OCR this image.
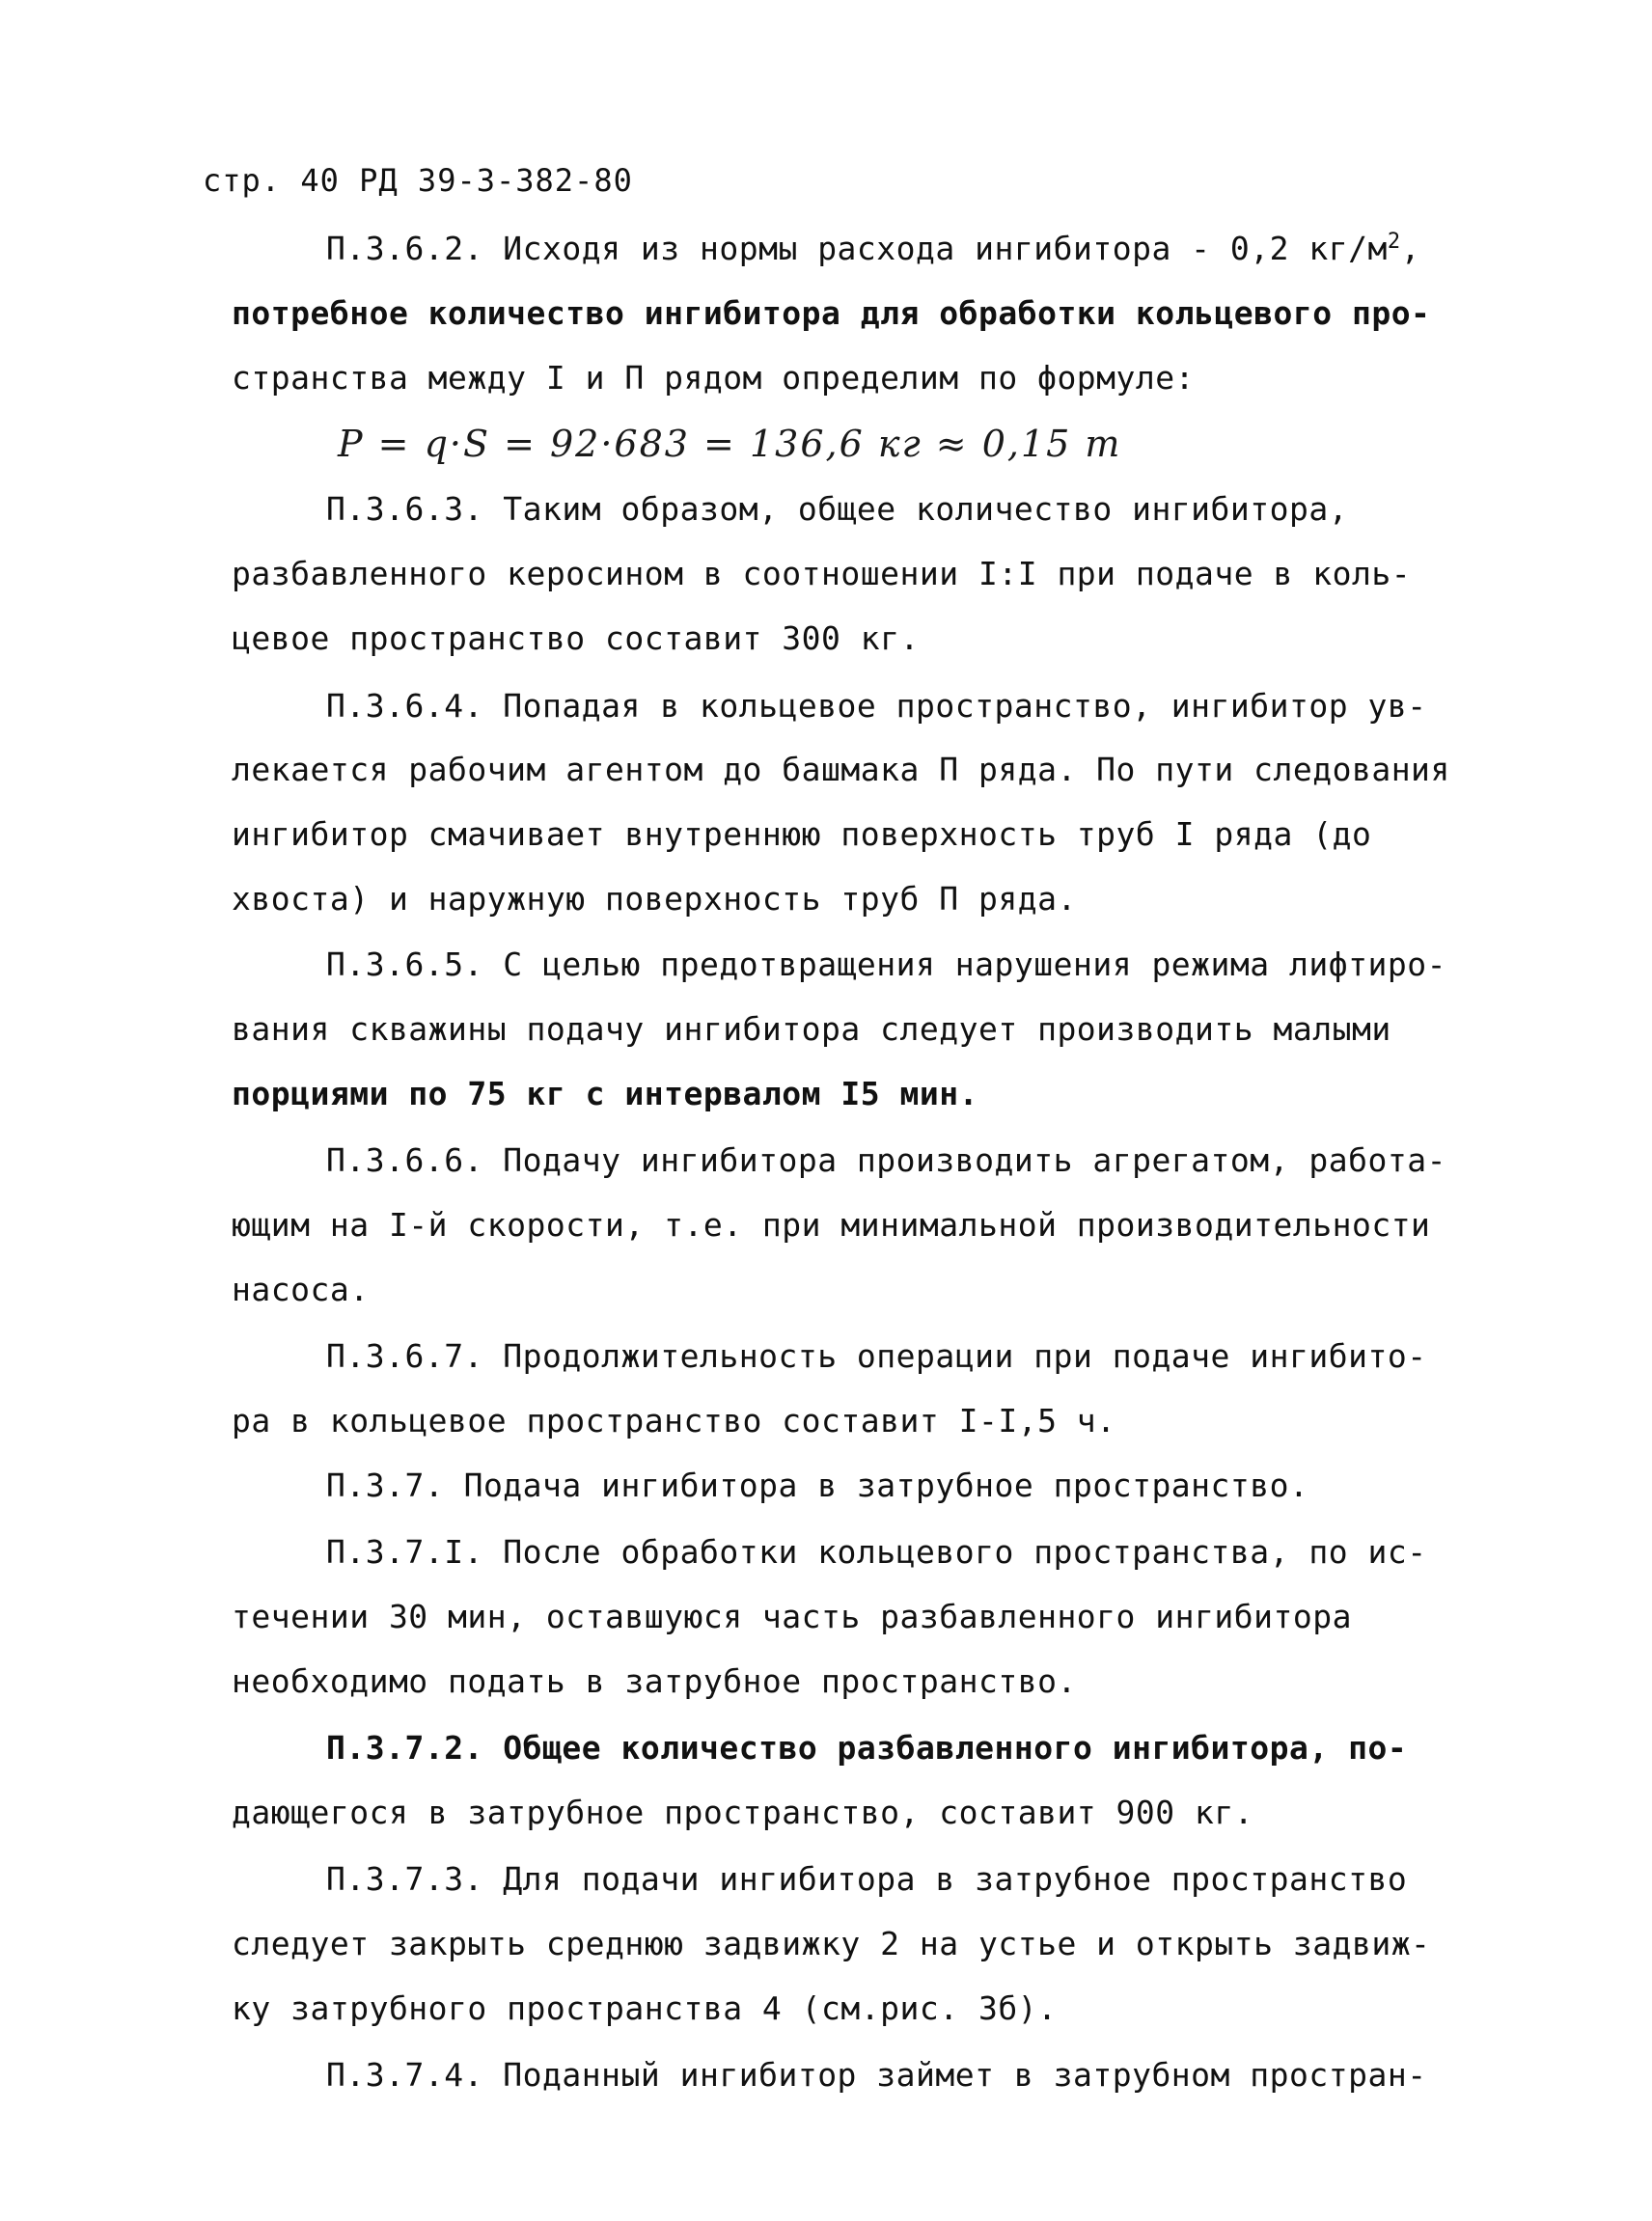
стр. 40 РД 39-3-382-80
П.3.6.2. Исходя из нормы расхода ингибитора - 0,2 $кг/м^2$,
потребное количество ингибитора для обработки кольцевого про-
странства между I и П рядом определим по формуле:
P = q·S = 92·683 = 136,6 кг ≈ 0,15 т
П.3.6.3. Таким образом, общее количество ингибитора,
разбавленного керосином в соотношении I:I при подаче в коль-
цевое пространство составит 300 кг.
П.3.6.4. Попадая в кольцевое пространство, ингибитор ув-
лекается рабочим агентом до башмака П ряда. По пути следования
ингибитор смачивает внутреннюю поверхность труб I ряда (до
хвоста) и наружную поверхность труб П ряда.
П.3.6.5. С целью предотвращения нарушения режима лифтиро-
вания скважины подачу ингибитора следует производить малыми
порциями по 75 кг с интервалом I5 мин.
П.3.6.6. Подачу ингибитора производить агрегатом, работа-
ющим на I-й скорости, т.е. при минимальной производительности
насоса.
П.3.6.7. Продолжительность операции при подаче ингибито-
ра в кольцевое пространство составит I-I,5 ч.
П.3.7. Подача ингибитора в затрубное пространство.
П.3.7.I. После обработки кольцевого пространства, по ис-
течении 30 мин, оставшуюся часть разбавленного ингибитора
необходимо подать в затрубное пространство.
П.3.7.2. Общее количество разбавленного ингибитора, по-
дающегося в затрубное пространство, составит 900 кг.
П.3.7.3. Для подачи ингибитора в затрубное пространство
следует закрыть среднюю задвижку 2 на устье и открыть задвиж-
ку затрубного пространства 4 (см.рис. 3б).
П.3.7.4. Поданный ингибитор займет в затрубном простран-
